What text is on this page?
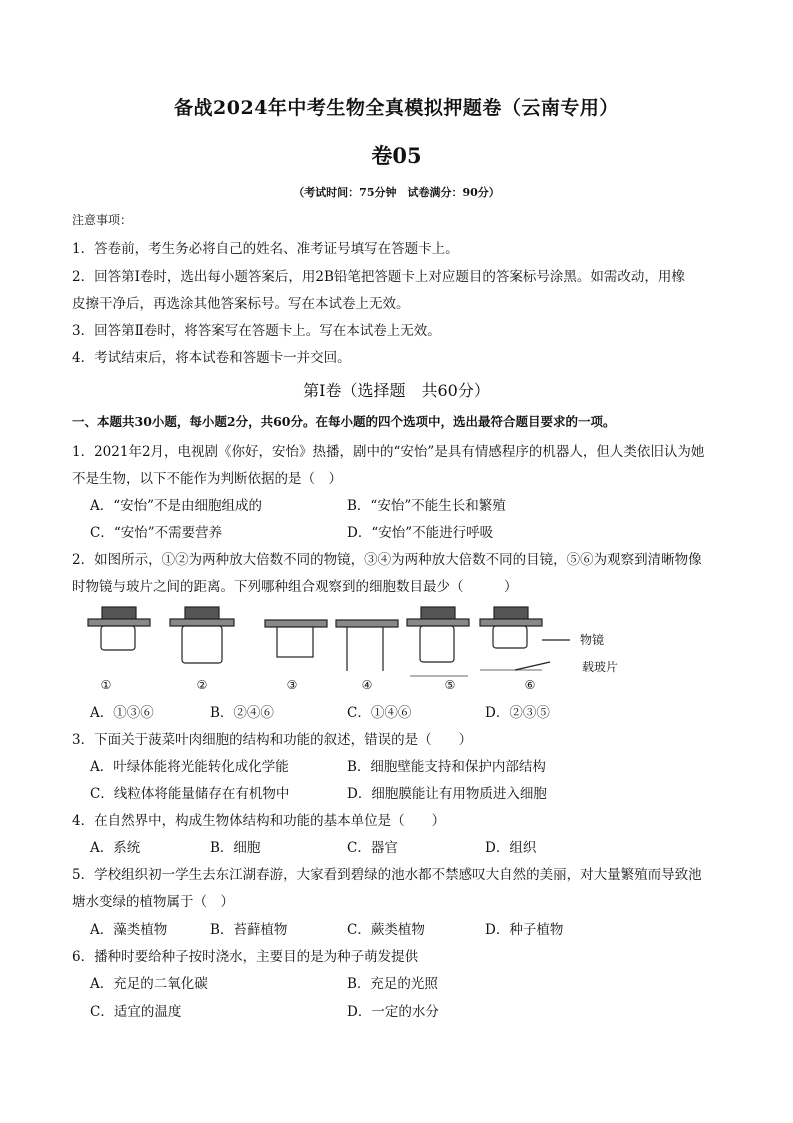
备战2024年中考生物全真模拟押题卷（云南专用）
卷05
（考试时间：75分钟　试卷满分：90分）
注意事项：
1．答卷前，考生务必将自己的姓名、准考证号填写在答题卡上。
2．回答第Ⅰ卷时，选出每小题答案后，用2B铅笔把答题卡上对应题目的答案标号涂黑。如需改动，用橡
皮擦干净后，再选涂其他答案标号。写在本试卷上无效。
3．回答第Ⅱ卷时，将答案写在答题卡上。写在本试卷上无效。
4．考试结束后，将本试卷和答题卡一并交回。
第Ⅰ卷（选择题　共60分）
一、本题共30小题，每小题2分，共60分。在每小题的四个选项中，选出最符合题目要求的一项。
1．2021年2月，电视剧《你好，安怡》热播，剧中的“安怡”是具有情感程序的机器人，但人类依旧认为她
不是生物，以下不能作为判断依据的是（　）
A．“安怡”不是由细胞组成的	B．“安怡”不能生长和繁殖
C．“安怡”不需要营养	D．“安怡”不能进行呼吸
2．如图所示，①②为两种放大倍数不同的物镜，③④为两种放大倍数不同的目镜，⑤⑥为观察到清晰物像
时物镜与玻片之间的距离。下列哪种组合观察到的细胞数目最少（　　　）
物镜
载玻片
①	②	③	④	⑤	⑥
A．①③⑥	B．②④⑥	C．①④⑥	D．②③⑤
3．下面关于菠菜叶肉细胞的结构和功能的叙述，错误的是（　　）
A．叶绿体能将光能转化成化学能	B．细胞壁能支持和保护内部结构
C．线粒体将能量储存在有机物中	D．细胞膜能让有用物质进入细胞
4．在自然界中，构成生物体结构和功能的基本单位是（　　）
A．系统	B．细胞	C．器官	D．组织
5．学校组织初一学生去东江湖春游，大家看到碧绿的池水都不禁感叹大自然的美丽，对大量繁殖而导致池
塘水变绿的植物属于（　）
A．藻类植物	B．苔藓植物	C．蕨类植物	D．种子植物
6．播种时要给种子按时浇水，主要目的是为种子萌发提供
A．充足的二氧化碳	B．充足的光照
C．适宜的温度	D．一定的水分
